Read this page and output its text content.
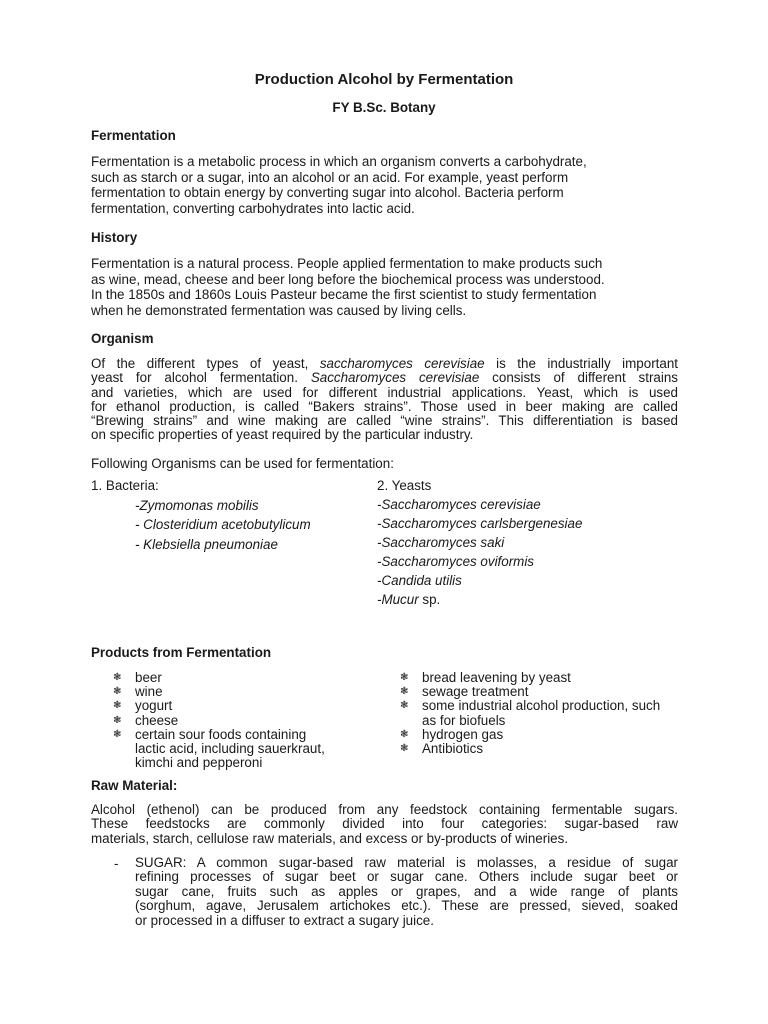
Production Alcohol by Fermentation
FY B.Sc. Botany
Fermentation
Fermentation is a metabolic process in which an organism converts a carbohydrate,
such as starch or a sugar, into an alcohol or an acid. For example, yeast perform
fermentation to obtain energy by converting sugar into alcohol. Bacteria perform
fermentation, converting carbohydrates into lactic acid.
History
Fermentation is a natural process. People applied fermentation to make products such
as wine, mead, cheese and beer long before the biochemical process was understood.
In the 1850s and 1860s Louis Pasteur became the first scientist to study fermentation
when he demonstrated fermentation was caused by living cells.
Organism
Of the different types of yeast, saccharomyces cerevisiae is the industrially important
yeast for alcohol fermentation. Saccharomyces cerevisiae consists of different strains
and varieties, which are used for different industrial applications. Yeast, which is used
for ethanol production, is called “Bakers strains”. Those used in beer making are called
“Brewing strains” and wine making are called “wine strains”. This differentiation is based
on specific properties of yeast required by the particular industry.
Following Organisms can be used for fermentation:
1. Bacteria:
-Zymomonas mobilis
- Closteridium acetobutylicum
- Klebsiella pneumoniae
2. Yeasts
-Saccharomyces cerevisiae
-Saccharomyces carlsbergenesiae
-Saccharomyces saki
-Saccharomyces oviformis
-Candida utilis
-Mucur sp.
Products from Fermentation
❃ beer
❃ wine
❃ yogurt
❃ cheese
❃ certain sour foods containing
lactic acid, including sauerkraut,
kimchi and pepperoni
❃ bread leavening by yeast
❃ sewage treatment
❃ some industrial alcohol production, such
as for biofuels
❃ hydrogen gas
❃ Antibiotics
Raw Material:
Alcohol (ethenol) can be produced from any feedstock containing fermentable sugars.
These feedstocks are commonly divided into four categories: sugar-based raw
materials, starch, cellulose raw materials, and excess or by-products of wineries.
- SUGAR: A common sugar-based raw material is molasses, a residue of sugar
refining processes of sugar beet or sugar cane. Others include sugar beet or
sugar cane, fruits such as apples or grapes, and a wide range of plants
(sorghum, agave, Jerusalem artichokes etc.). These are pressed, sieved, soaked
or processed in a diffuser to extract a sugary juice.
